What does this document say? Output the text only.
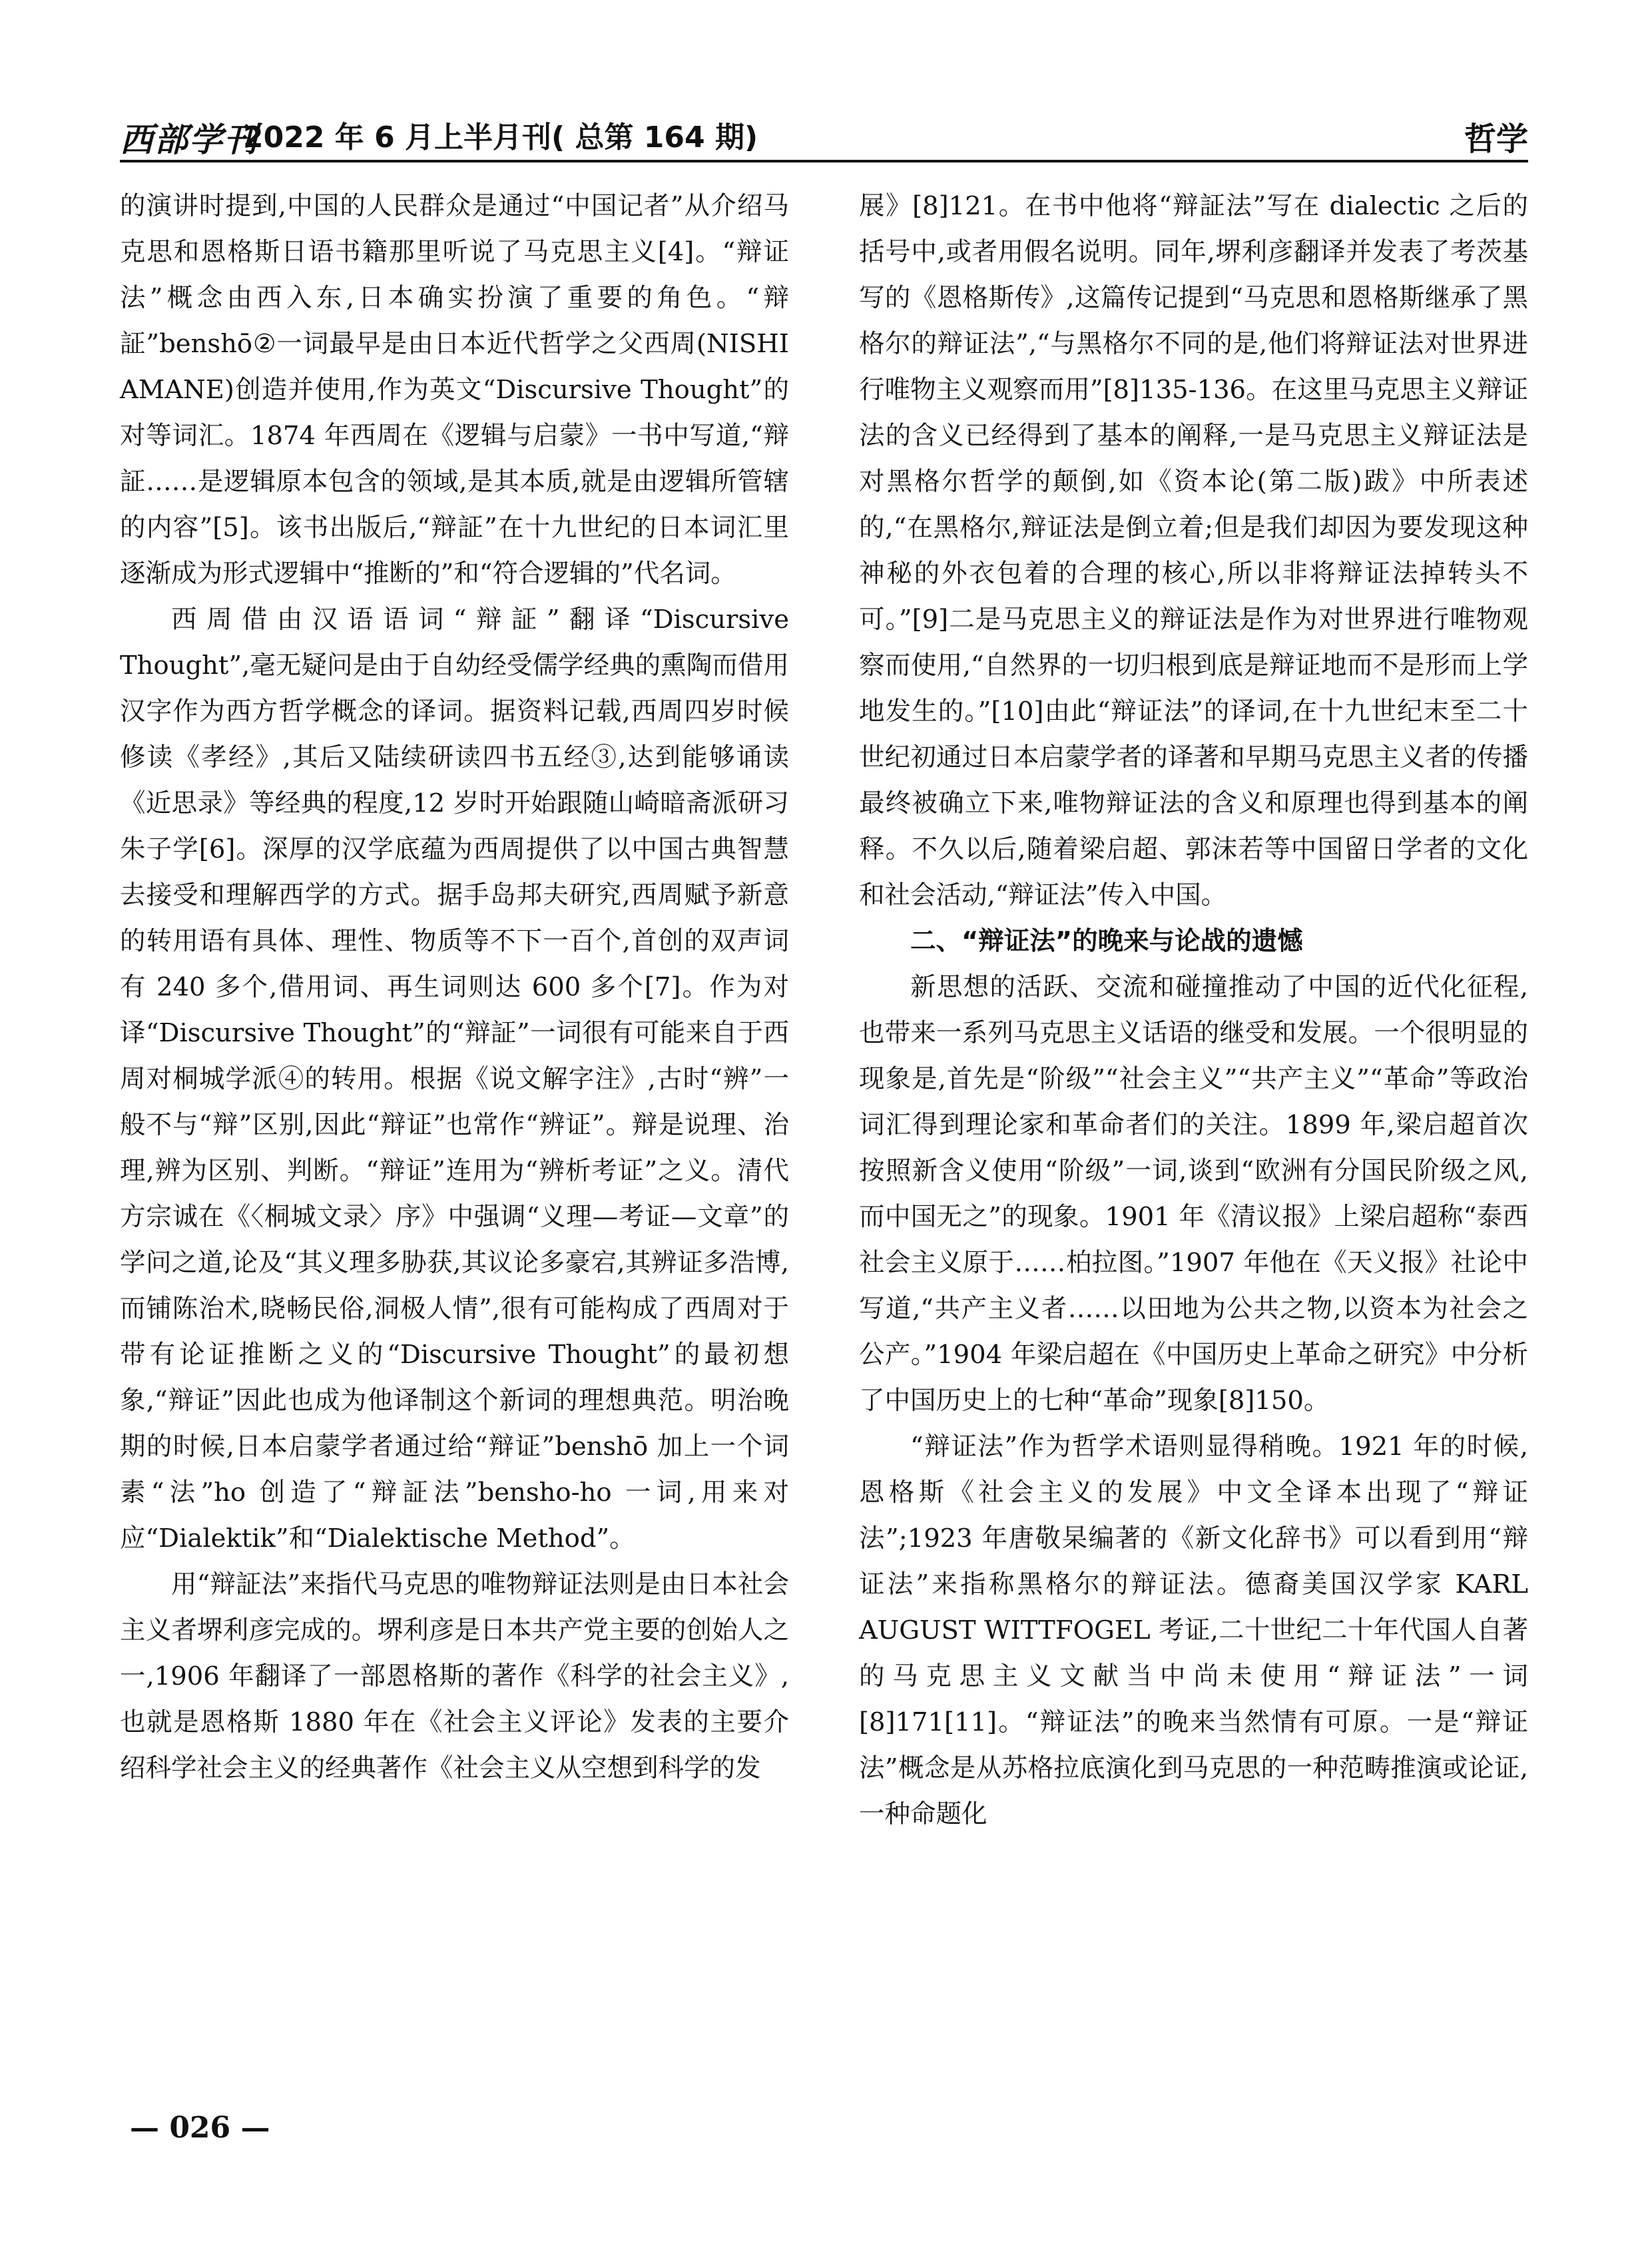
西部学刊
2022 年 6 月上半月刊( 总第 164 期)	哲学

的演讲时提到,中国的人民群众是通过“中国记者”从介绍马克思和恩格斯日语书籍那里听说了马克思主义[4]。“辩证法”概念由西入东,日本确实扮演了重要的角色。“辩証”benshō②一词最早是由日本近代哲学之父西周(NISHI AMANE)创造并使用,作为英文“Discursive Thought”的对等词汇。1874 年西周在《逻辑与启蒙》一书中写道,“辩証……是逻辑原本包含的领域,是其本质,就是由逻辑所管辖的内容”[5]。该书出版后,“辩証”在十九世纪的日本词汇里逐渐成为形式逻辑中“推断的”和“符合逻辑的”代名词。

西周借由汉语语词“辩証”翻译“Discursive Thought”,毫无疑问是由于自幼经受儒学经典的熏陶而借用汉字作为西方哲学概念的译词。据资料记载,西周四岁时候修读《孝经》,其后又陆续研读四书五经③,达到能够诵读《近思录》等经典的程度,12 岁时开始跟随山崎暗斋派研习朱子学[6]。深厚的汉学底蕴为西周提供了以中国古典智慧去接受和理解西学的方式。据手岛邦夫研究,西周赋予新意的转用语有具体、理性、物质等不下一百个,首创的双声词有 240 多个,借用词、再生词则达 600 多个[7]。作为对译“Discursive Thought”的“辩証”一词很有可能来自于西周对桐城学派④的转用。根据《说文解字注》,古时“辨”一般不与“辩”区别,因此“辩证”也常作“辨证”。辩是说理、治理,辨为区别、判断。“辩证”连用为“辨析考证”之义。清代方宗诚在《〈桐城文录〉序》中强调“义理—考证—文章”的学问之道,论及“其义理多胁获,其议论多豪宕,其辨证多浩博,而铺陈治术,晓畅民俗,洞极人情”,很有可能构成了西周对于带有论证推断之义的“Discursive Thought”的最初想象,“辩证”因此也成为他译制这个新词的理想典范。明治晚期的时候,日本启蒙学者通过给“辩证”benshō 加上一个词素“法”ho 创造了“辩証法”bensho-ho 一词,用来对应“Dialektik”和“Dialektische Method”。

用“辩証法”来指代马克思的唯物辩证法则是由日本社会主义者堺利彦完成的。堺利彦是日本共产党主要的创始人之一,1906 年翻译了一部恩格斯的著作《科学的社会主义》,也就是恩格斯 1880 年在《社会主义评论》发表的主要介绍科学社会主义的经典著作《社会主义从空想到科学的发

展》[8]121。在书中他将“辩証法”写在 dialectic 之后的括号中,或者用假名说明。同年,堺利彦翻译并发表了考茨基写的《恩格斯传》,这篇传记提到“马克思和恩格斯继承了黑格尔的辩证法”,“与黑格尔不同的是,他们将辩证法对世界进行唯物主义观察而用”[8]135-136。在这里马克思主义辩证法的含义已经得到了基本的阐释,一是马克思主义辩证法是对黑格尔哲学的颠倒,如《资本论(第二版)跋》中所表述的,“在黑格尔,辩证法是倒立着;但是我们却因为要发现这种神秘的外衣包着的合理的核心,所以非将辩证法掉转头不可。”[9]二是马克思主义的辩证法是作为对世界进行唯物观察而使用,“自然界的一切归根到底是辩证地而不是形而上学地发生的。”[10]由此“辩证法”的译词,在十九世纪末至二十世纪初通过日本启蒙学者的译著和早期马克思主义者的传播最终被确立下来,唯物辩证法的含义和原理也得到基本的阐释。不久以后,随着梁启超、郭沫若等中国留日学者的文化和社会活动,“辩证法”传入中国。

二、“辩证法”的晚来与论战的遗憾

新思想的活跃、交流和碰撞推动了中国的近代化征程,也带来一系列马克思主义话语的继受和发展。一个很明显的现象是,首先是“阶级”“社会主义”“共产主义”“革命”等政治词汇得到理论家和革命者们的关注。1899 年,梁启超首次按照新含义使用“阶级”一词,谈到“欧洲有分国民阶级之风,而中国无之”的现象。1901 年《清议报》上梁启超称“泰西社会主义原于……柏拉图。”1907 年他在《天义报》社论中写道,“共产主义者……以田地为公共之物,以资本为社会之公产。”1904 年梁启超在《中国历史上革命之研究》中分析了中国历史上的七种“革命”现象[8]150。

“辩证法”作为哲学术语则显得稍晚。1921 年的时候,恩格斯《社会主义的发展》中文全译本出现了“辩证法”;1923 年唐敬杲编著的《新文化辞书》可以看到用“辩证法”来指称黑格尔的辩证法。德裔美国汉学家 KARL AUGUST WITTFOGEL 考证,二十世纪二十年代国人自著的马克思主义文献当中尚未使用“辩证法”一词[8]171[11]。“辩证法”的晚来当然情有可原。一是“辩证法”概念是从苏格拉底演化到马克思的一种范畴推演或论证,一种命题化

— 026 —
